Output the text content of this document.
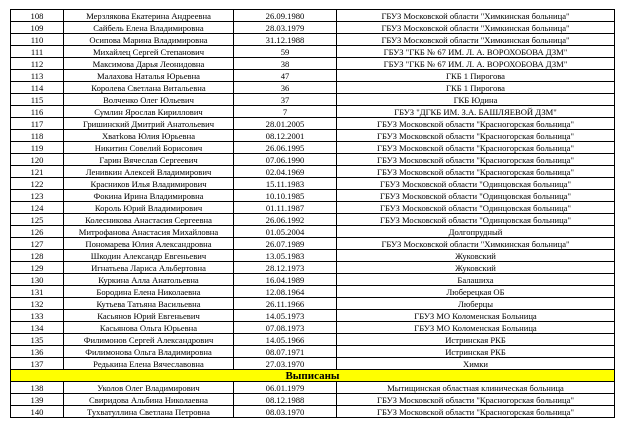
108	Мерзлякова Екатерина Андреевна	26.09.1980	ГБУЗ Московской области "Химкинская больница"
109	Сайбель Елена Владимировна	28.03.1979	ГБУЗ Московской области "Химкинская больница"
110	Осипова Марина Владимировна	31.12.1988	ГБУЗ Московской области "Химкинская больница"
111	Михайлец Сергей Степанович	59	ГБУЗ "ГКБ № 67 ИМ. Л. А. ВОРОХОБОВА ДЗМ"
112	Максимова Дарья Леонидовна	38	ГБУЗ "ГКБ № 67 ИМ. Л. А. ВОРОХОБОВА ДЗМ"
113	Малахова Наталья Юрьевна	47	ГКБ 1 Пирогова
114	Королева Светлана Витальевна	36	ГКБ 1 Пирогова
115	Волченко Олег Юльевич	37	ГКБ Юдина
116	Сумлин Ярослав Кириллович	7	ГБУЗ "ДГКБ ИМ. З.А. БАШЛЯЕВОЙ ДЗМ"
117	Гришинский Дмитрий Анатольевич	28.01.2005	ГБУЗ Московской области "Красногорская больница"
118	Хватkова Юлия Юрьевна	08.12.2001	ГБУЗ Московской области "Красногорская больница"
119	Никитин Совелий Борисович	26.06.1995	ГБУЗ Московской области "Красногорская больница"
120	Гарин Вячеслав Сергеевич	07.06.1990	ГБУЗ Московской области "Красногорская больница"
121	Ленивкин Алексей Владимирович	02.04.1969	ГБУЗ Московской области "Красногорская больница"
122	Красников Илья Владимирович	15.11.1983	ГБУЗ Московской области "Одинцовская больница"
123	Фокина Ирина Владимировна	10.10.1985	ГБУЗ Московской области "Одинцовская больница"
124	Король Юрий Владимирович	01.11.1987	ГБУЗ Московской области "Одинцовская больница"
125	Колесникова Анастасия Сергеевна	26.06.1992	ГБУЗ Московской области "Одинцовская больница"
126	Митрофанова Анастасия Михайловна	01.05.2004	Долгопрудный
127	Пономарева Юлия Александровна	26.07.1989	ГБУЗ Московской области "Химкинская больница"
128	Шкодин Александр Евгеньевич	13.05.1983	Жуковский
129	Игнатьева Лариса Альбертовна	28.12.1973	Жуковский
130	Куркина Алла Анатольевна	16.04.1989	Балашиха
131	Бородина Елена Николаевна	12.08.1964	Люберецкая ОБ
132	Кутьева Татьяна Васильевна	26.11.1966	Люберцы
133	Касьянов Юрий Евгеньевич	14.05.1973	ГБУЗ МО Коломенская Больница
134	Касьянова Ольга Юрьевна	07.08.1973	ГБУЗ МО Коломенская Больница
135	Филимонов Сергей Александрович	14.05.1966	Истринская РКБ
136	Филимонова Ольга Владимировна	08.07.1971	Истринская РКБ
137	Редькина Елена Вячеславовна	27.03.1970	Химки
Выписаны			
138	Уколов Олег Владимирович	06.01.1979	Мытищинская областная клиническая больница
139	Свиридова Альбина Николаевна	08.12.1988	ГБУЗ Московской области "Красногорская больница"
140	Тухватуллина Светлана Петровна	08.03.1970	ГБУЗ Московской области "Красногорская больница"
